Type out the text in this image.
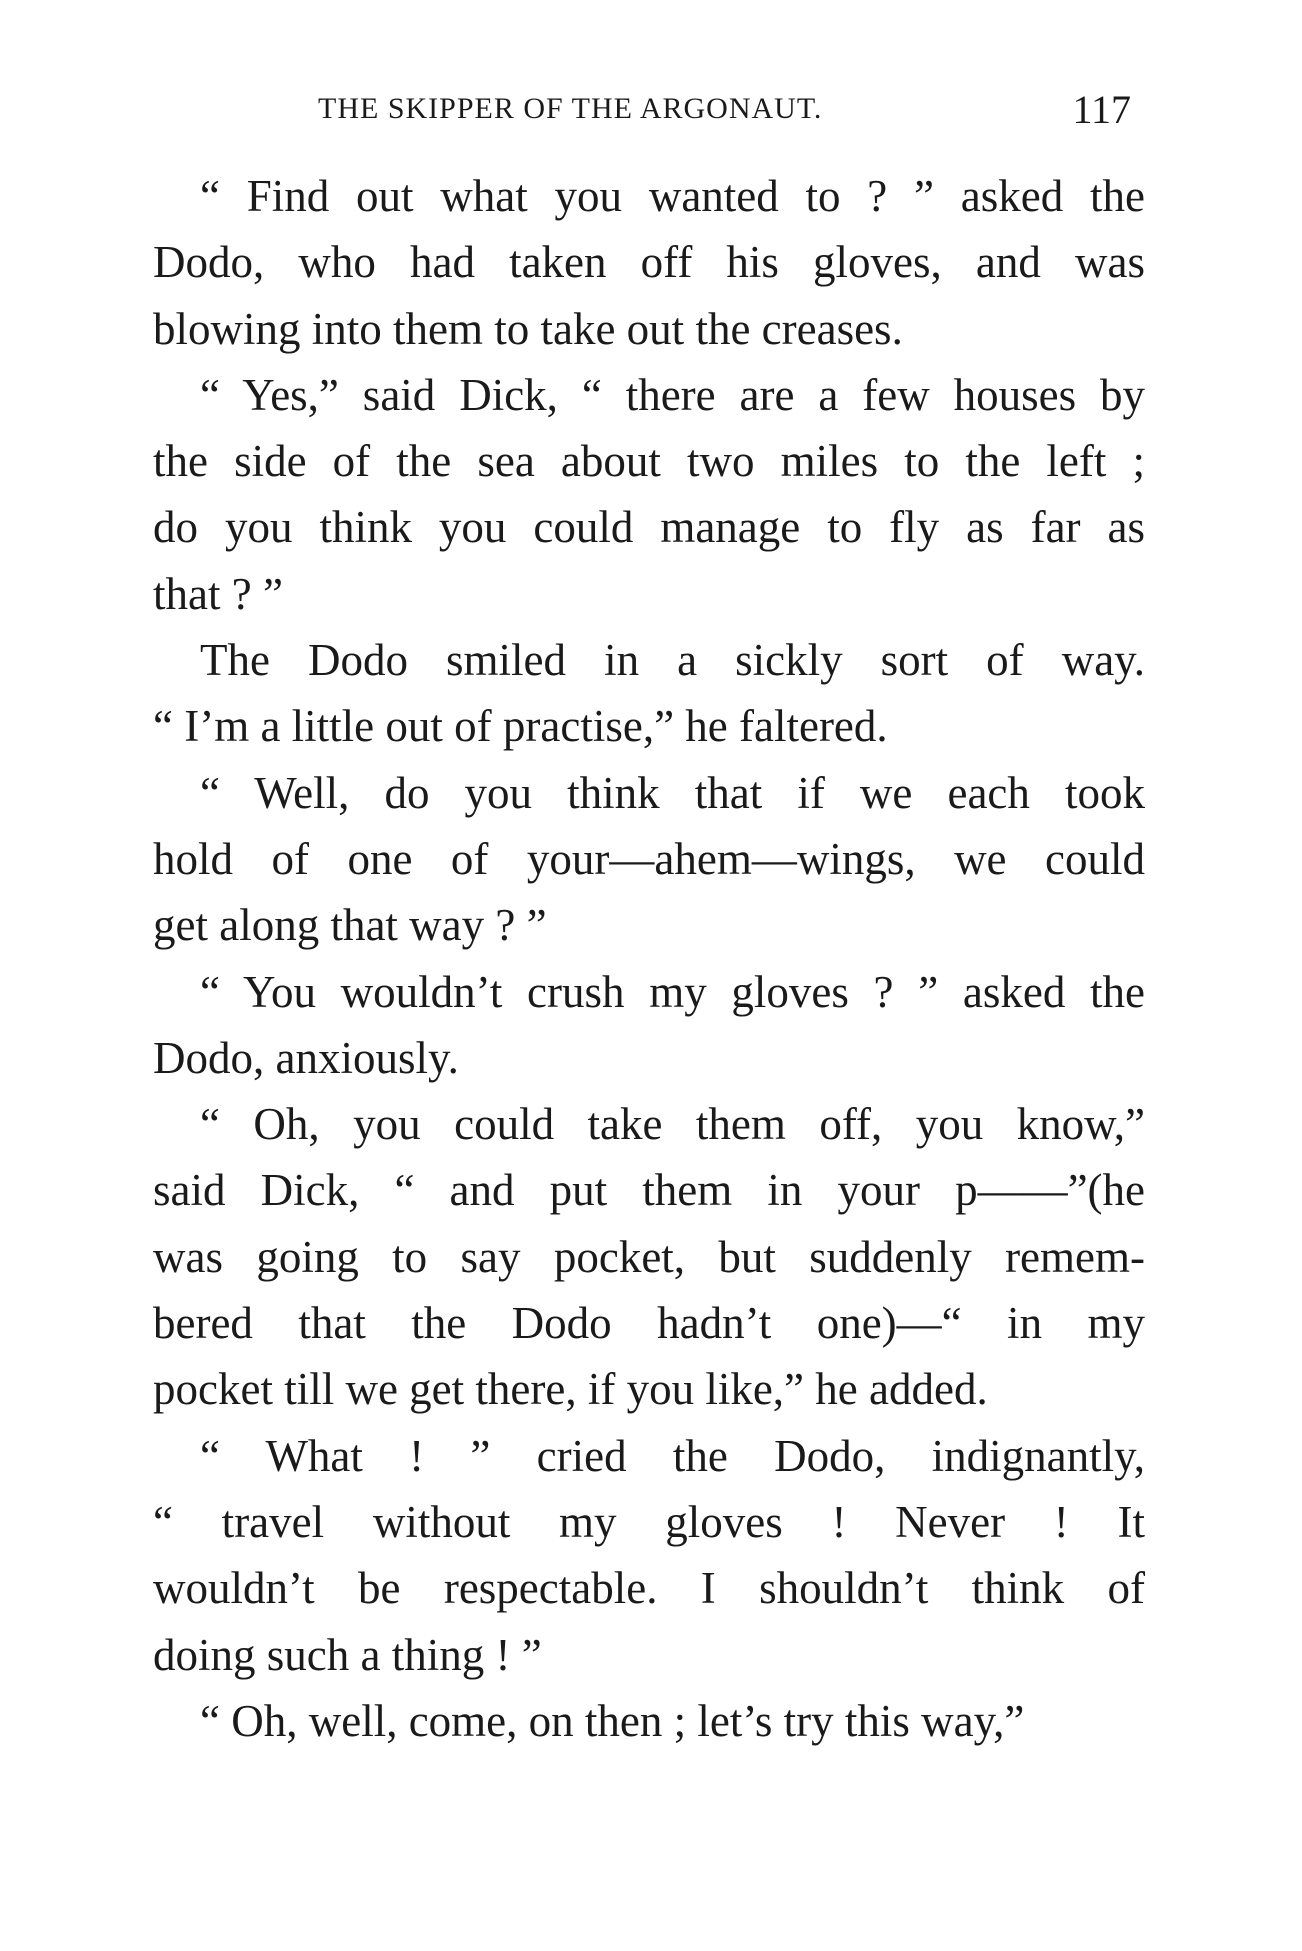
THE SKIPPER OF THE ARGONAUT.	117
“ Find out what you wanted to ? ” asked the
Dodo, who had taken off his gloves, and was
blowing into them to take out the creases.
“ Yes,” said Dick, “ there are a few houses by
the side of the sea about two miles to the left ;
do you think you could manage to fly as far as
that ? ”
The Dodo smiled in a sickly sort of way.
“ I’m a little out of practise,” he faltered.
“ Well, do you think that if we each took
hold of one of your—ahem—wings, we could
get along that way ? ”
“ You wouldn’t crush my gloves ? ” asked the
Dodo, anxiously.
“ Oh, you could take them off, you know,”
said Dick, “ and put them in your p——”(he
was going to say pocket, but suddenly remem-
bered that the Dodo hadn’t one)—“ in my
pocket till we get there, if you like,” he added.
“ What ! ” cried the Dodo, indignantly,
“ travel without my gloves ! Never ! It
wouldn’t be respectable. I shouldn’t think of
doing such a thing ! ”
“ Oh, well, come, on then ; let’s try this way,”
